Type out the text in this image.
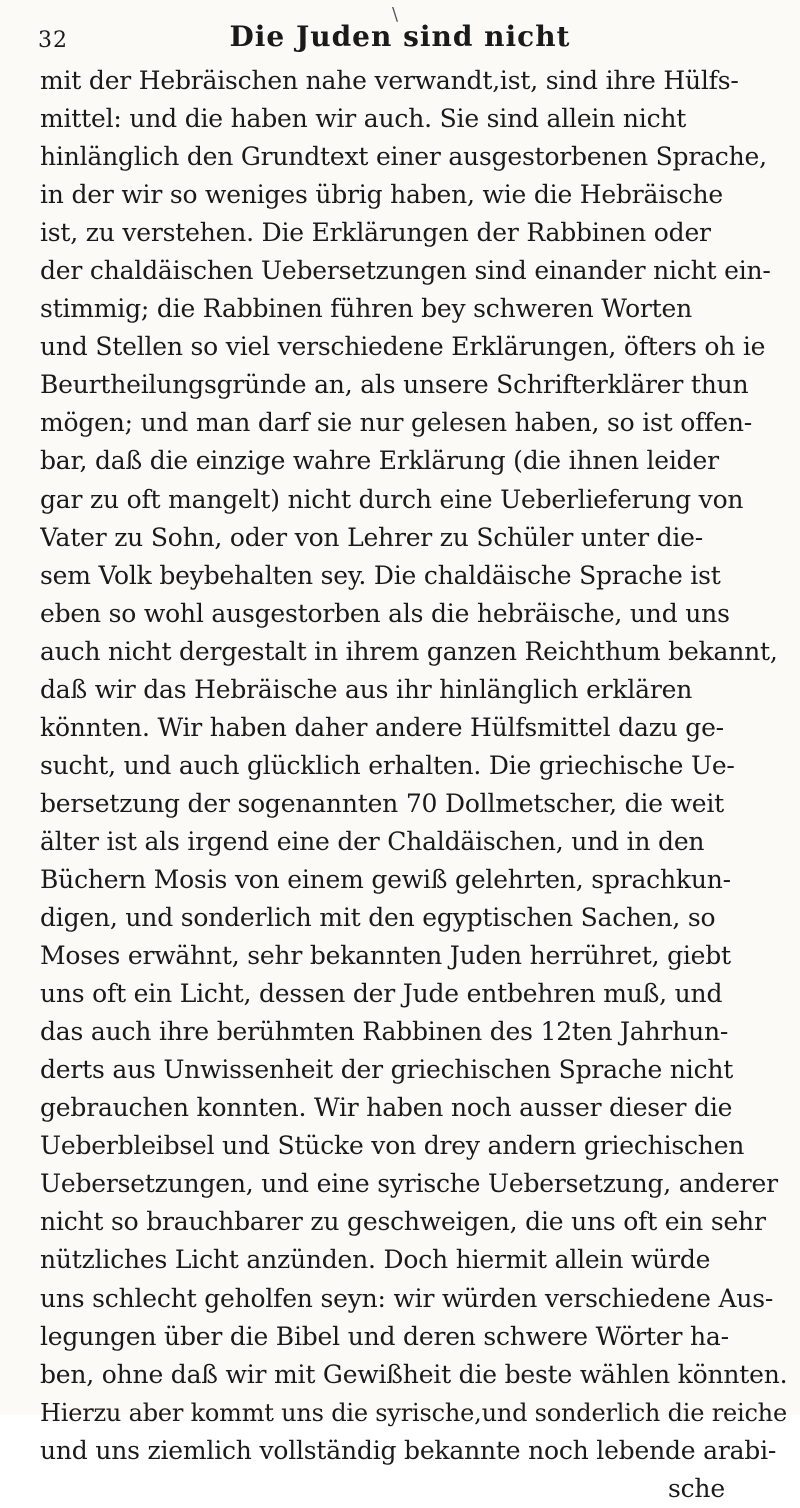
\
32	Die Juden sind nicht
mit der Hebräischen nahe verwandt,ist, sind ihre Hülfs-
mittel: und die haben wir auch. Sie sind allein nicht
hinlänglich den Grundtext einer ausgestorbenen Sprache,
in der wir so weniges übrig haben, wie die Hebräische
ist, zu verstehen. Die Erklärungen der Rabbinen oder
der chaldäischen Uebersetzungen sind einander nicht ein-
stimmig; die Rabbinen führen bey schweren Worten
und Stellen so viel verschiedene Erklärungen, öfters oh ie
Beurtheilungsgründe an, als unsere Schrifterklärer thun
mögen; und man darf sie nur gelesen haben, so ist offen-
bar, daß die einzige wahre Erklärung (die ihnen leider
gar zu oft mangelt) nicht durch eine Ueberlieferung von
Vater zu Sohn, oder von Lehrer zu Schüler unter die-
sem Volk beybehalten sey. Die chaldäische Sprache ist
eben so wohl ausgestorben als die hebräische, und uns
auch nicht dergestalt in ihrem ganzen Reichthum bekannt,
daß wir das Hebräische aus ihr hinlänglich erklären
könnten. Wir haben daher andere Hülfsmittel dazu ge-
sucht, und auch glücklich erhalten. Die griechische Ue-
bersetzung der sogenannten 70 Dollmetscher, die weit
älter ist als irgend eine der Chaldäischen, und in den
Büchern Mosis von einem gewiß gelehrten, sprachkun-
digen, und sonderlich mit den egyptischen Sachen, so
Moses erwähnt, sehr bekannten Juden herrühret, giebt
uns oft ein Licht, dessen der Jude entbehren muß, und
das auch ihre berühmten Rabbinen des 12ten Jahrhun-
derts aus Unwissenheit der griechischen Sprache nicht
gebrauchen konnten. Wir haben noch ausser dieser die
Ueberbleibsel und Stücke von drey andern griechischen
Uebersetzungen, und eine syrische Uebersetzung, anderer
nicht so brauchbarer zu geschweigen, die uns oft ein sehr
nützliches Licht anzünden. Doch hiermit allein würde
uns schlecht geholfen seyn: wir würden verschiedene Aus-
legungen über die Bibel und deren schwere Wörter ha-
ben, ohne daß wir mit Gewißheit die beste wählen könnten.
Hierzu aber kommt uns die syrische,und sonderlich die reiche
und uns ziemlich vollständig bekannte noch lebende arabi-
sche
